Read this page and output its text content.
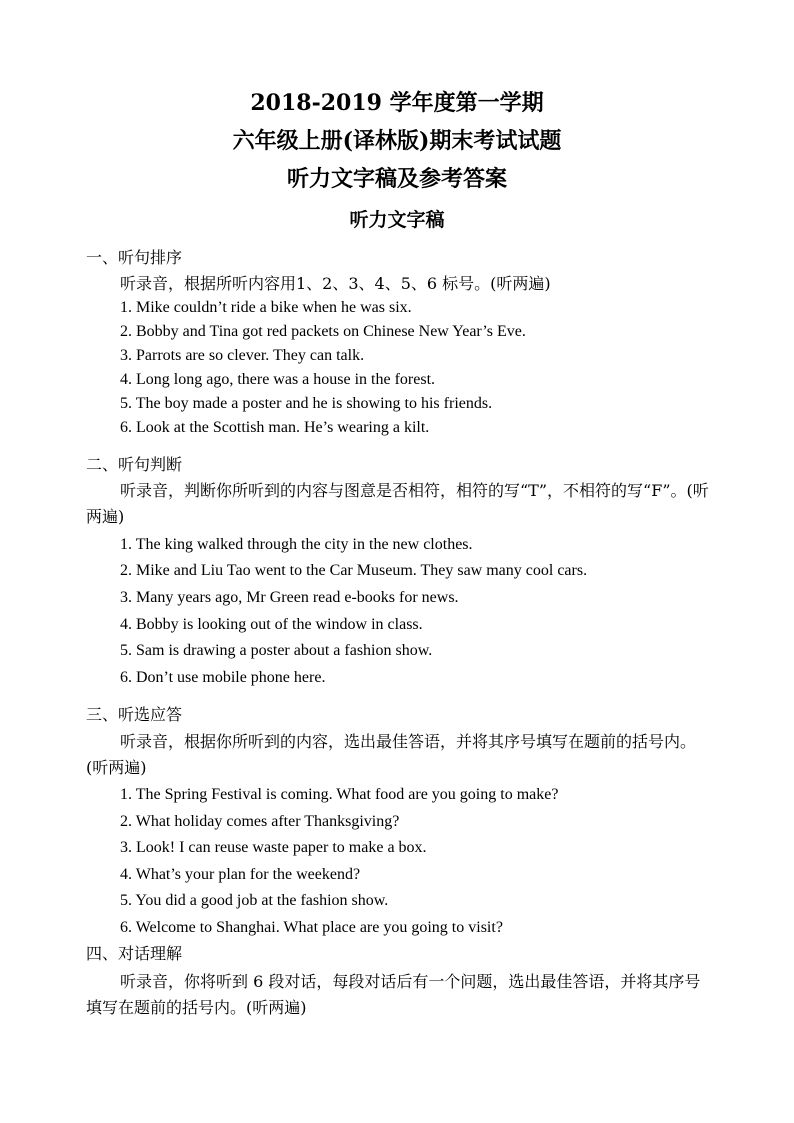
2018-2019 学年度第一学期
六年级上册(译林版)期末考试试题
听力文字稿及参考答案
听力文字稿
一、听句排序
听录音，根据所听内容用1、2、3、4、5、6 标号。(听两遍)
1. Mike couldn’t ride a bike when he was six.
2. Bobby and Tina got red packets on Chinese New Year’s Eve.
3. Parrots are so clever. They can talk.
4. Long long ago, there was a house in the forest.
5. The boy made a poster and he is showing to his friends.
6. Look at the Scottish man. He’s wearing a kilt.
二、听句判断
听录音，判断你所听到的内容与图意是否相符，相符的写“T”，不相符的写“F”。(听两遍)
1. The king walked through the city in the new clothes.
2. Mike and Liu Tao went to the Car Museum. They saw many cool cars.
3. Many years ago, Mr Green read e-books for news.
4. Bobby is looking out of the window in class.
5. Sam is drawing a poster about a fashion show.
6. Don’t use mobile phone here.
三、听选应答
听录音，根据你所听到的内容，选出最佳答语，并将其序号填写在题前的括号内。(听两遍)
1. The Spring Festival is coming. What food are you going to make?
2. What holiday comes after Thanksgiving?
3. Look! I can reuse waste paper to make a box.
4. What’s your plan for the weekend?
5. You did a good job at the fashion show.
6. Welcome to Shanghai. What place are you going to visit?
四、对话理解
听录音，你将听到 6 段对话，每段对话后有一个问题，选出最佳答语，并将其序号填写在题前的括号内。(听两遍)
